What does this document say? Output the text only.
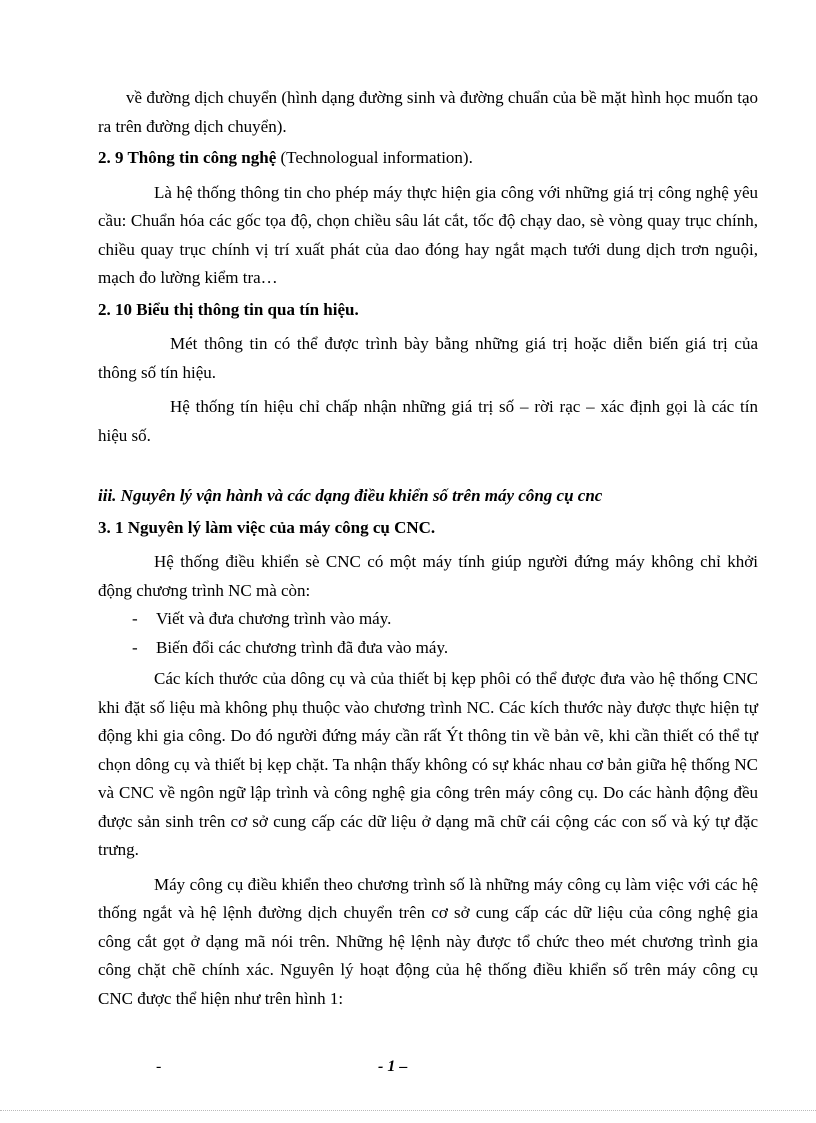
về đường dịch chuyển (hình dạng đường sinh và đường chuẩn của bề mặt hình học muốn tạo ra trên đường dịch chuyển).

2. 9 Thông tin công nghệ (Technologual information).

Là hệ thống thông tin cho phép máy thực hiện gia công với những giá trị công nghệ yêu cầu: Chuẩn hóa các gốc tọa độ, chọn chiều sâu lát cắt, tốc độ chạy dao, sè vòng quay trục chính, chiều quay trục chính vị trí xuất phát của dao đóng hay ngắt mạch tưới dung dịch trơn nguội, mạch đo lường kiểm tra…

2. 10 Biểu thị thông tin qua tín hiệu.

Mét thông tin có thể được trình bày bằng những giá trị hoặc diễn biến giá trị của thông số tín hiệu.

Hệ thống tín hiệu chỉ chấp nhận những giá trị số – rời rạc – xác định gọi là các tín hiệu số.

iii. Nguyên lý vận hành và các dạng điều khiển số trên máy công cụ cnc

3. 1 Nguyên lý làm việc của máy công cụ CNC.

Hệ thống điều khiển sè CNC có một máy tính giúp người đứng máy không chỉ khởi động chương trình NC mà còn:

- Viết và đưa chương trình vào máy.

- Biến đổi các chương trình đã đưa vào máy.

Các kích thước của dông cụ và của thiết bị kẹp phôi có thể được đưa vào hệ thống CNC khi đặt số liệu mà không phụ thuộc vào chương trình NC. Các kích thước này được thực hiện tự động khi gia công. Do đó người đứng máy cần rất Ýt thông tin về bản vẽ, khi cần thiết có thể tự chọn dông cụ và thiết bị kẹp chặt. Ta nhận thấy không có sự khác nhau cơ bản giữa hệ thống NC và CNC về ngôn ngữ lập trình và công nghệ gia công trên máy công cụ. Do các hành động đều được sản sinh trên cơ sở cung cấp các dữ liệu ở dạng mã chữ cái cộng các con số và ký tự đặc trưng.

Máy công cụ điều khiển theo chương trình số là những máy công cụ làm việc với các hệ thống ngắt và hệ lệnh đường dịch chuyển trên cơ sở cung cấp các dữ liệu của công nghệ gia công cắt gọt ở dạng mã nói trên. Những hệ lệnh này được tổ chức theo mét chương trình gia công chặt chẽ chính xác. Nguyên lý hoạt động của hệ thống điều khiển số trên máy công cụ CNC được thể hiện như trên hình 1:

-	- 1 –
